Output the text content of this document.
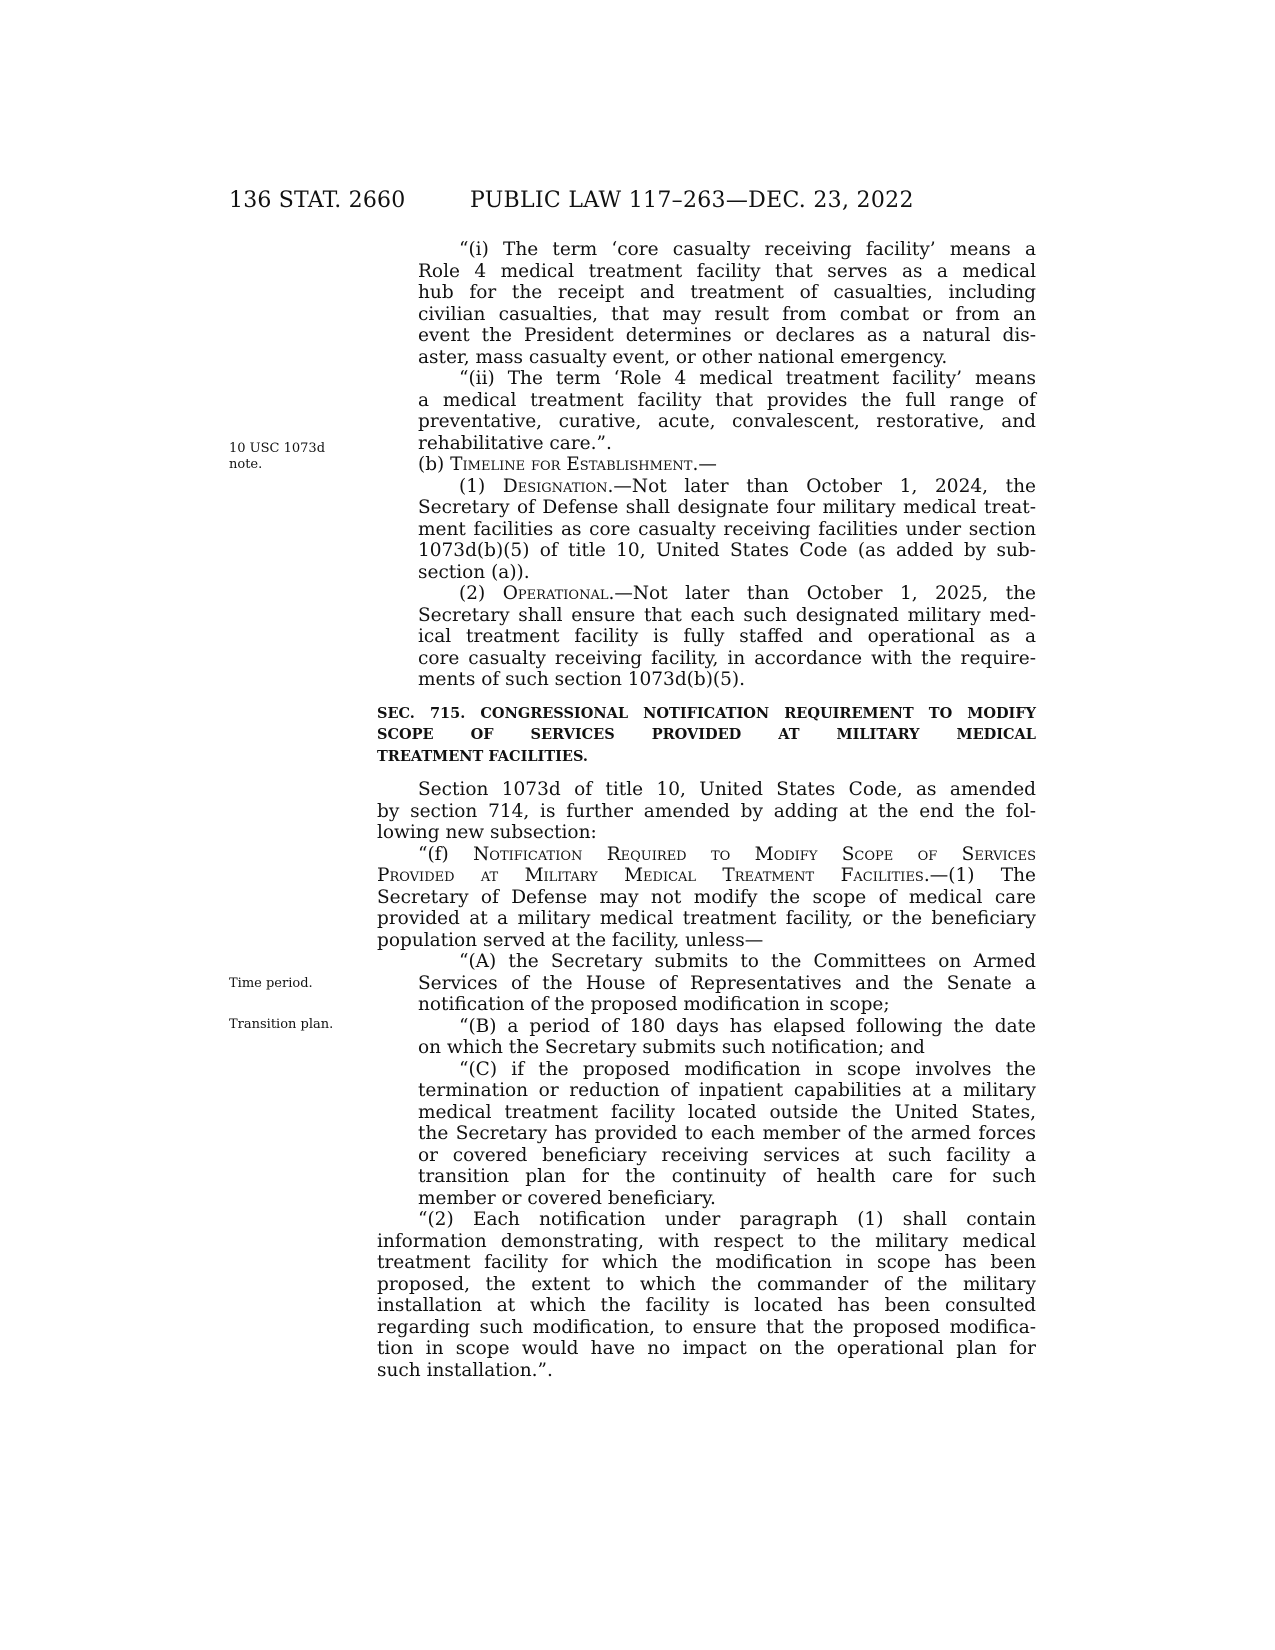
136 STAT. 2660	PUBLIC LAW 117–263—DEC. 23, 2022
10 USC 1073d
note.
Time period.
Transition plan.

“(i) The term ‘core casualty receiving facility’ means a

Role 4 medical treatment facility that serves as a medical

hub for the receipt and treatment of casualties, including

civilian casualties, that may result from combat or from an

event the President determines or declares as a natural dis-

aster, mass casualty event, or other national emergency.

“(ii) The term ‘Role 4 medical treatment facility’ means

a medical treatment facility that provides the full range of

preventative, curative, acute, convalescent, restorative, and

rehabilitative care.”.

(b) Timeline for Establishment.—

(1) Designation.—Not later than October 1, 2024, the

Secretary of Defense shall designate four military medical treat-

ment facilities as core casualty receiving facilities under section

1073d(b)(5) of title 10, United States Code (as added by sub-

section (a)).

(2) Operational.—Not later than October 1, 2025, the

Secretary shall ensure that each such designated military med-

ical treatment facility is fully staffed and operational as a

core casualty receiving facility, in accordance with the require-

ments of such section 1073d(b)(5).

SEC. 715. CONGRESSIONAL NOTIFICATION REQUIREMENT TO MODIFY
SCOPE OF SERVICES PROVIDED AT MILITARY MEDICAL
TREATMENT FACILITIES.

Section 1073d of title 10, United States Code, as amended

by section 714, is further amended by adding at the end the fol-

lowing new subsection:

“(f) Notification Required to Modify Scope of Services

Provided at Military Medical Treatment Facilities.—(1) The

Secretary of Defense may not modify the scope of medical care

provided at a military medical treatment facility, or the beneficiary

population served at the facility, unless—

“(A) the Secretary submits to the Committees on Armed

Services of the House of Representatives and the Senate a

notification of the proposed modification in scope;

“(B) a period of 180 days has elapsed following the date

on which the Secretary submits such notification; and

“(C) if the proposed modification in scope involves the

termination or reduction of inpatient capabilities at a military

medical treatment facility located outside the United States,

the Secretary has provided to each member of the armed forces

or covered beneficiary receiving services at such facility a

transition plan for the continuity of health care for such

member or covered beneficiary.

“(2) Each notification under paragraph (1) shall contain

information demonstrating, with respect to the military medical

treatment facility for which the modification in scope has been

proposed, the extent to which the commander of the military

installation at which the facility is located has been consulted

regarding such modification, to ensure that the proposed modifica-

tion in scope would have no impact on the operational plan for

such installation.”.
